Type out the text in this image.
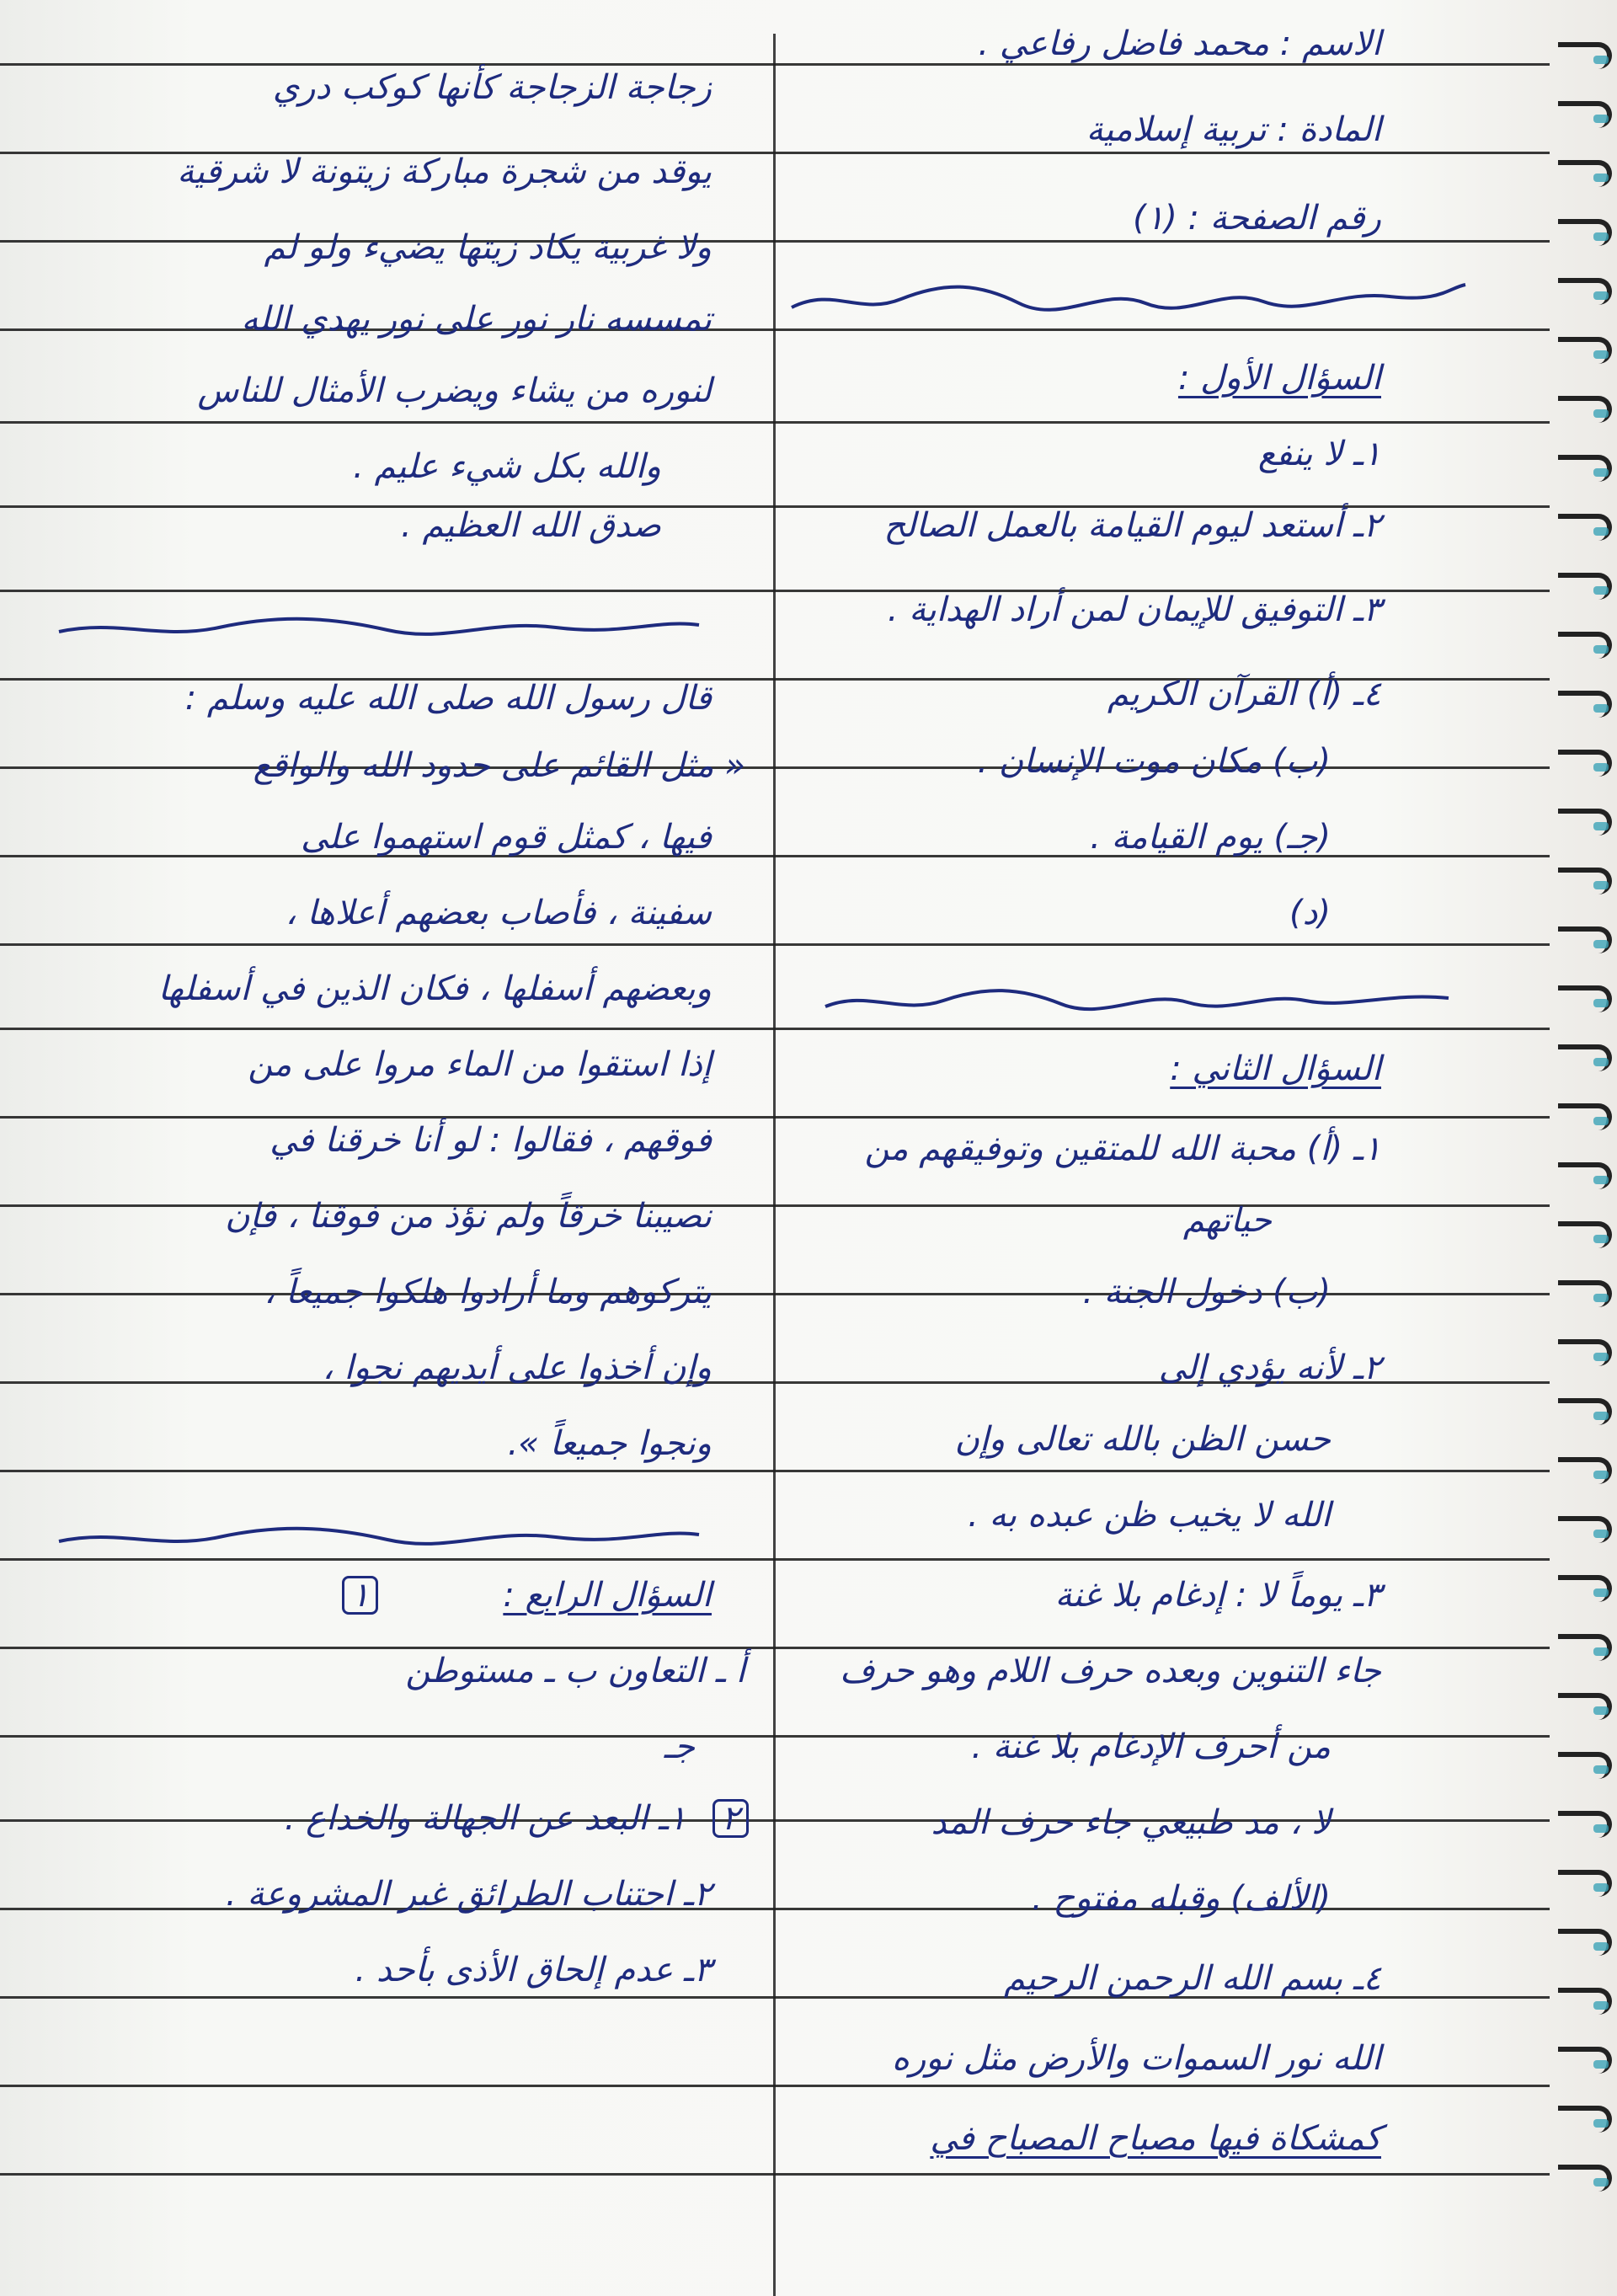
الاسم : محمد فاضل رفاعي .
المادة : تربية إسلامية
رقم الصفحة : (١)
السؤال الأول :
١ـ لا ينفع
٢ـ أستعد ليوم القيامة بالعمل الصالح
٣ـ التوفيق للإيمان لمن أراد الهداية .
٤ـ (أ) القرآن الكريم
(ب) مكان موت الإنسان .
(جـ) يوم القيامة .
(د)
السؤال الثاني :
١ـ (أ) محبة الله للمتقين وتوفيقهم من
حياتهم
(ب) دخول الجنة .
٢ـ لأنه يؤدي إلى
حسن الظن بالله تعالى وإن
الله لا يخيب ظن عبده به .
٣ـ يوماً لا : إدغام بلا غنة
جاء التنوين وبعده حرف اللام وهو حرف
من أحرف الإدغام بلا غنة .
لا ، مد طبيعي جاء حرف المد
(الألف) وقبله مفتوح .
٤ـ بسم الله الرحمن الرحيم
الله نور السموات والأرض مثل نوره
كمشكاة فيها مصباح المصباح في
زجاجة الزجاجة كأنها كوكب دري
يوقد من شجرة مباركة زيتونة لا شرقية
ولا غربية يكاد زيتها يضيء ولو لم
تمسسه نار نور على نور يهدي الله
لنوره من يشاء ويضرب الأمثال للناس
والله بكل شيء عليم .
صدق الله العظيم .
قال رسول الله صلى الله عليه وسلم :
« مثل القائم على حدود الله والواقع
فيها ، كمثل قوم استهموا على
سفينة ، فأصاب بعضهم أعلاها ،
وبعضهم أسفلها ، فكان الذين في أسفلها
إذا استقوا من الماء مروا على من
فوقهم ، فقالوا : لو أنا خرقنا في
نصيبنا خرقاً ولم نؤذ من فوقنا ، فإن
يتركوهم وما أرادوا هلكوا جميعاً ،
وإن أخذوا على أيديهم نجوا ،
ونجوا جميعاً ».
السؤال الرابع :
١
أ ـ التعاون ب ـ مستوطن
جـ
٢
١ـ البعد عن الجهالة والخداع .
٢ـ اجتناب الطرائق غير المشروعة .
٣ـ عدم إلحاق الأذى بأحد .
